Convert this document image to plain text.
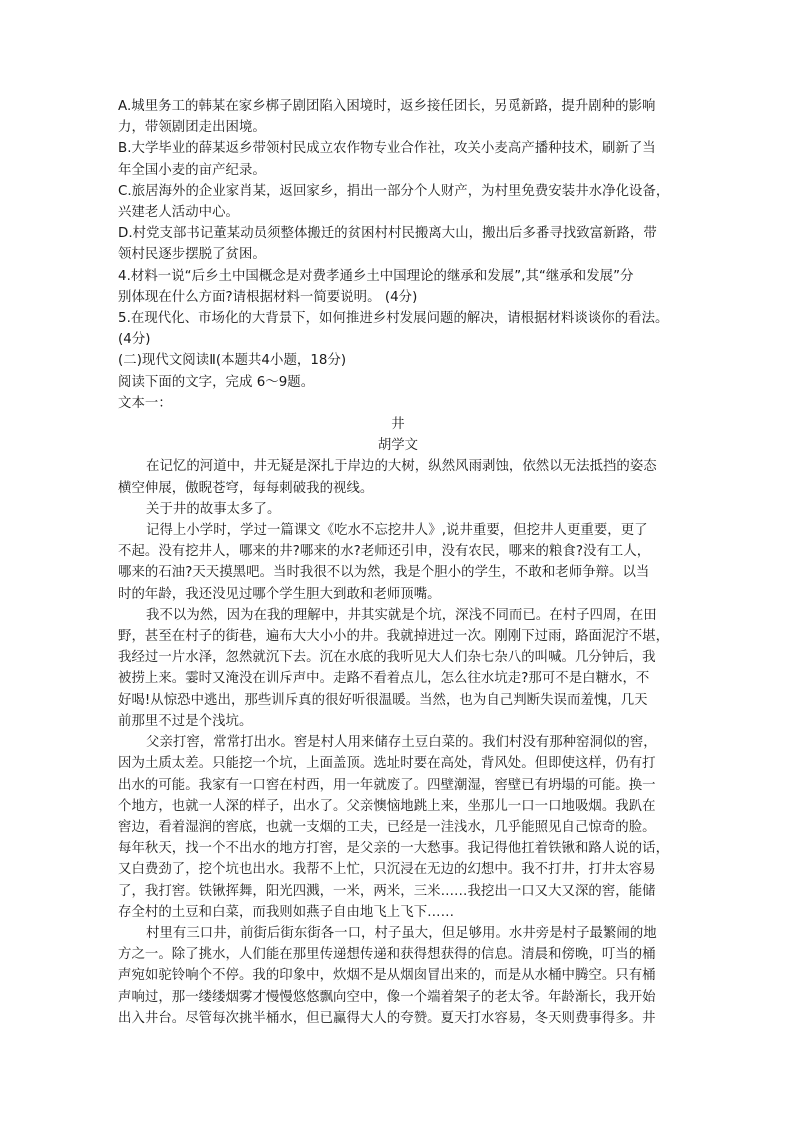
A.城里务工的韩某在家乡梆子剧团陷入困境时，返乡接任团长，另觅新路，提升剧种的影响

力，带领剧团走出困境。

B.大学毕业的薛某返乡带领村民成立农作物专业合作社，攻关小麦高产播种技术，刷新了当

年全国小麦的亩产纪录。

C.旅居海外的企业家肖某，返回家乡，捐出一部分个人财产，为村里免费安装井水净化设备，

兴建老人活动中心。

D.村党支部书记董某动员须整体搬迁的贫困村村民搬离大山，搬出后多番寻找致富新路，带

领村民逐步摆脱了贫困。

4.材料一说“后乡土中国概念是对费孝通乡土中国理论的继承和发展”,其“继承和发展”分

别体现在什么方面?请根据材料一简要说明。 (4分)

5.在现代化、市场化的大背景下，如何推进乡村发展问题的解决，请根据材料谈谈你的看法。

(4分)

(二)现代文阅读Ⅱ(本题共4小题，18分)

阅读下面的文字，完成 6～9题。

文本一：

井

胡学文

在记忆的河道中，井无疑是深扎于岸边的大树，纵然风雨剥蚀，依然以无法抵挡的姿态

横空伸展，傲睨苍穹，每每刺破我的视线。

关于井的故事太多了。

记得上小学时，学过一篇课文《吃水不忘挖井人》,说井重要，但挖井人更重要，更了

不起。没有挖井人，哪来的井?哪来的水?老师还引申，没有农民，哪来的粮食?没有工人，

哪来的石油?天天摸黑吧。当时我很不以为然，我是个胆小的学生，不敢和老师争辩。以当

时的年龄，我还没见过哪个学生胆大到敢和老师顶嘴。

我不以为然，因为在我的理解中，井其实就是个坑，深浅不同而已。在村子四周，在田

野，甚至在村子的街巷，遍布大大小小的井。我就掉进过一次。刚刚下过雨，路面泥泞不堪，

我经过一片水泽，忽然就沉下去。沉在水底的我听见大人们杂七杂八的叫喊。几分钟后，我

被捞上来。霎时又淹没在训斥声中。走路不看着点儿，怎么往水坑走?那可不是白糖水，不

好喝!从惊恐中逃出，那些训斥真的很好听很温暖。当然，也为自己判断失误而羞愧，几天

前那里不过是个浅坑。

父亲打窖，常常打出水。窖是村人用来储存土豆白菜的。我们村没有那种窑洞似的窖，

因为土质太差。只能挖一个坑，上面盖顶。选址时要在高处，背风处。但即使这样，仍有打

出水的可能。我家有一口窖在村西，用一年就废了。四壁潮湿，窖壁已有坍塌的可能。换一

个地方，也就一人深的样子，出水了。父亲懊恼地跳上来，坐那儿一口一口地吸烟。我趴在

窖边，看着湿润的窖底，也就一支烟的工夫，已经是一洼浅水，几乎能照见自己惊奇的脸。

每年秋天，找一个不出水的地方打窖，是父亲的一大愁事。我记得他扛着铁锹和路人说的话，

又白费劲了，挖个坑也出水。我帮不上忙，只沉浸在无边的幻想中。我不打井，打井太容易

了，我打窖。铁锹挥舞，阳光四溅，一米，两米，三米……我挖出一口又大又深的窖，能储

存全村的土豆和白菜，而我则如燕子自由地飞上飞下……

村里有三口井，前街后街东街各一口，村子虽大，但足够用。水井旁是村子最繁闹的地

方之一。除了挑水，人们能在那里传递想传递和获得想获得的信息。清晨和傍晚，叮当的桶

声宛如驼铃响个不停。我的印象中，炊烟不是从烟囱冒出来的，而是从水桶中腾空。只有桶

声响过，那一缕缕烟雾才慢慢悠悠飘向空中，像一个端着架子的老太爷。年龄渐长，我开始

出入井台。尽管每次挑半桶水，但已赢得大人的夸赞。夏天打水容易，冬天则费事得多。井
